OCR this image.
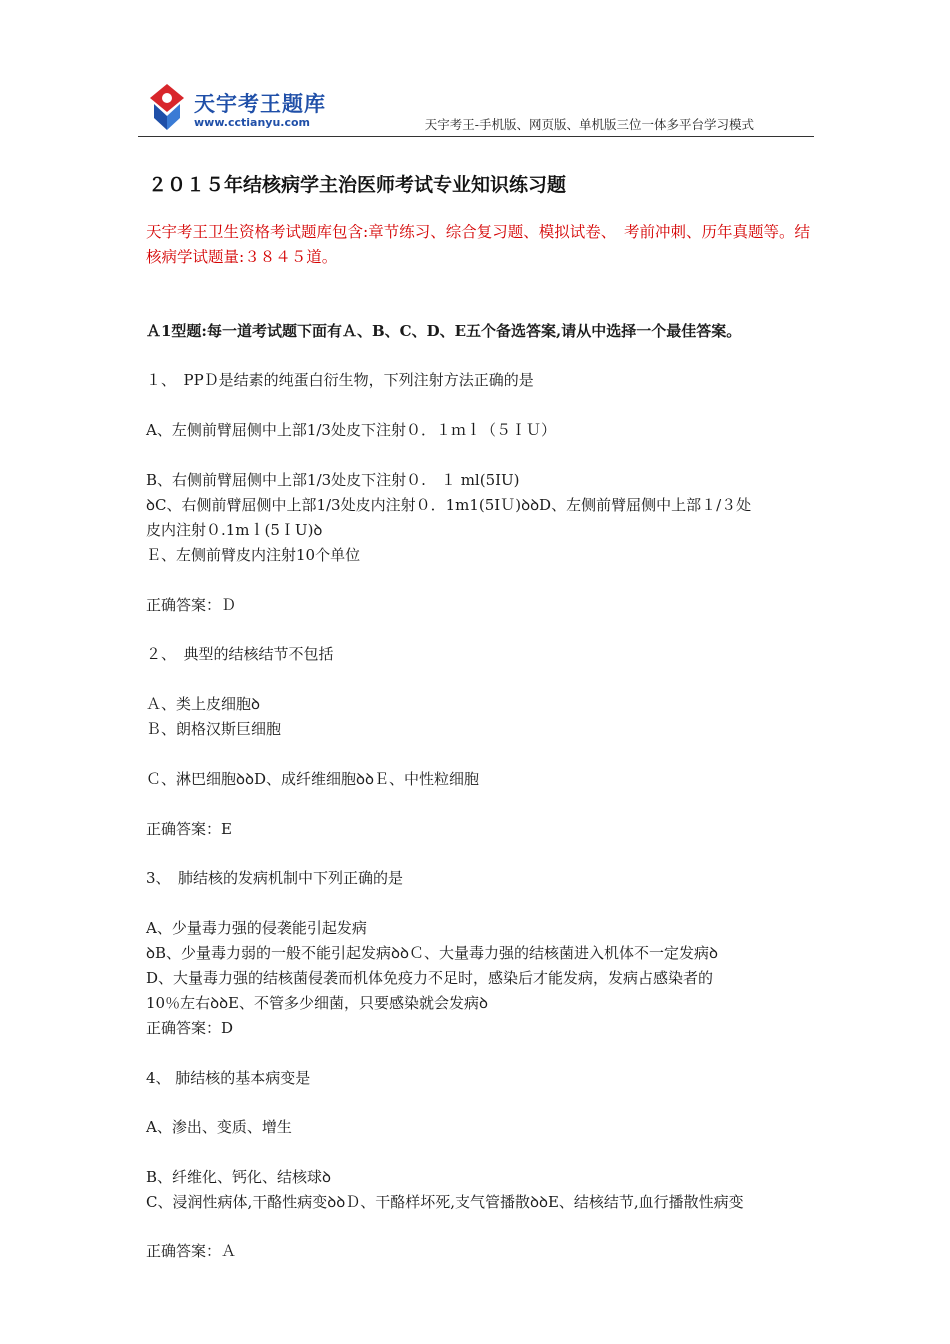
天宇考王题库
www.cctianyu.com	天宇考王-手机版、网页版、单机版三位一体多平台学习模式
２０１５年结核病学主治医师考试专业知识练习题
天宇考王卫生资格考试题库包含:章节练习、综合复习题、模拟试卷、　考前冲刺、历年真题等。结核病学试题量:３８４５道。
Ａ1型题:每一道考试题下面有Ａ、B、C、D、E五个备选答案,请从中选择一个最佳答案。
１、　PPＤ是结素的纯蛋白衍生物，下列注射方法正确的是
A、左侧前臂屈侧中上部1/3处皮下注射０．１ｍｌ（５ＩＵ）
B、右侧前臂屈侧中上部1/3处皮下注射０.　１ ml(5IU)
ꝺC、右侧前臂屈侧中上部1/3处皮内注射０．1m1(5IＵ)ꝺꝺD、左侧前臂屈侧中上部１/３处
皮内注射０.1mｌ(5ＩU)ꝺ
Ｅ、左侧前臂皮内注射10个单位
正确答案：Ｄ
２、　典型的结核结节不包括
Ａ、类上皮细胞ꝺ
Ｂ、朗格汉斯巨细胞
Ｃ、淋巴细胞ꝺꝺD、成纤维细胞ꝺꝺＥ、中性粒细胞
正确答案：E
3、　肺结核的发病机制中下列正确的是
A、少量毒力强的侵袭能引起发病
ꝺB、少量毒力弱的一般不能引起发病ꝺꝺＣ、大量毒力强的结核菌进入机体不一定发病ꝺ
D、大量毒力强的结核菌侵袭而机体免疫力不足时，感染后才能发病，发病占感染者的
10％左右ꝺꝺE、不管多少细菌，只要感染就会发病ꝺ
正确答案：D
4、 肺结核的基本病变是
A、渗出、变质、增生
B、纤维化、钙化、结核球ꝺ
C、浸润性病体,干酪性病变ꝺꝺＤ、干酪样坏死,支气管播散ꝺꝺE、结核结节,血行播散性病变
正确答案：Ａ
